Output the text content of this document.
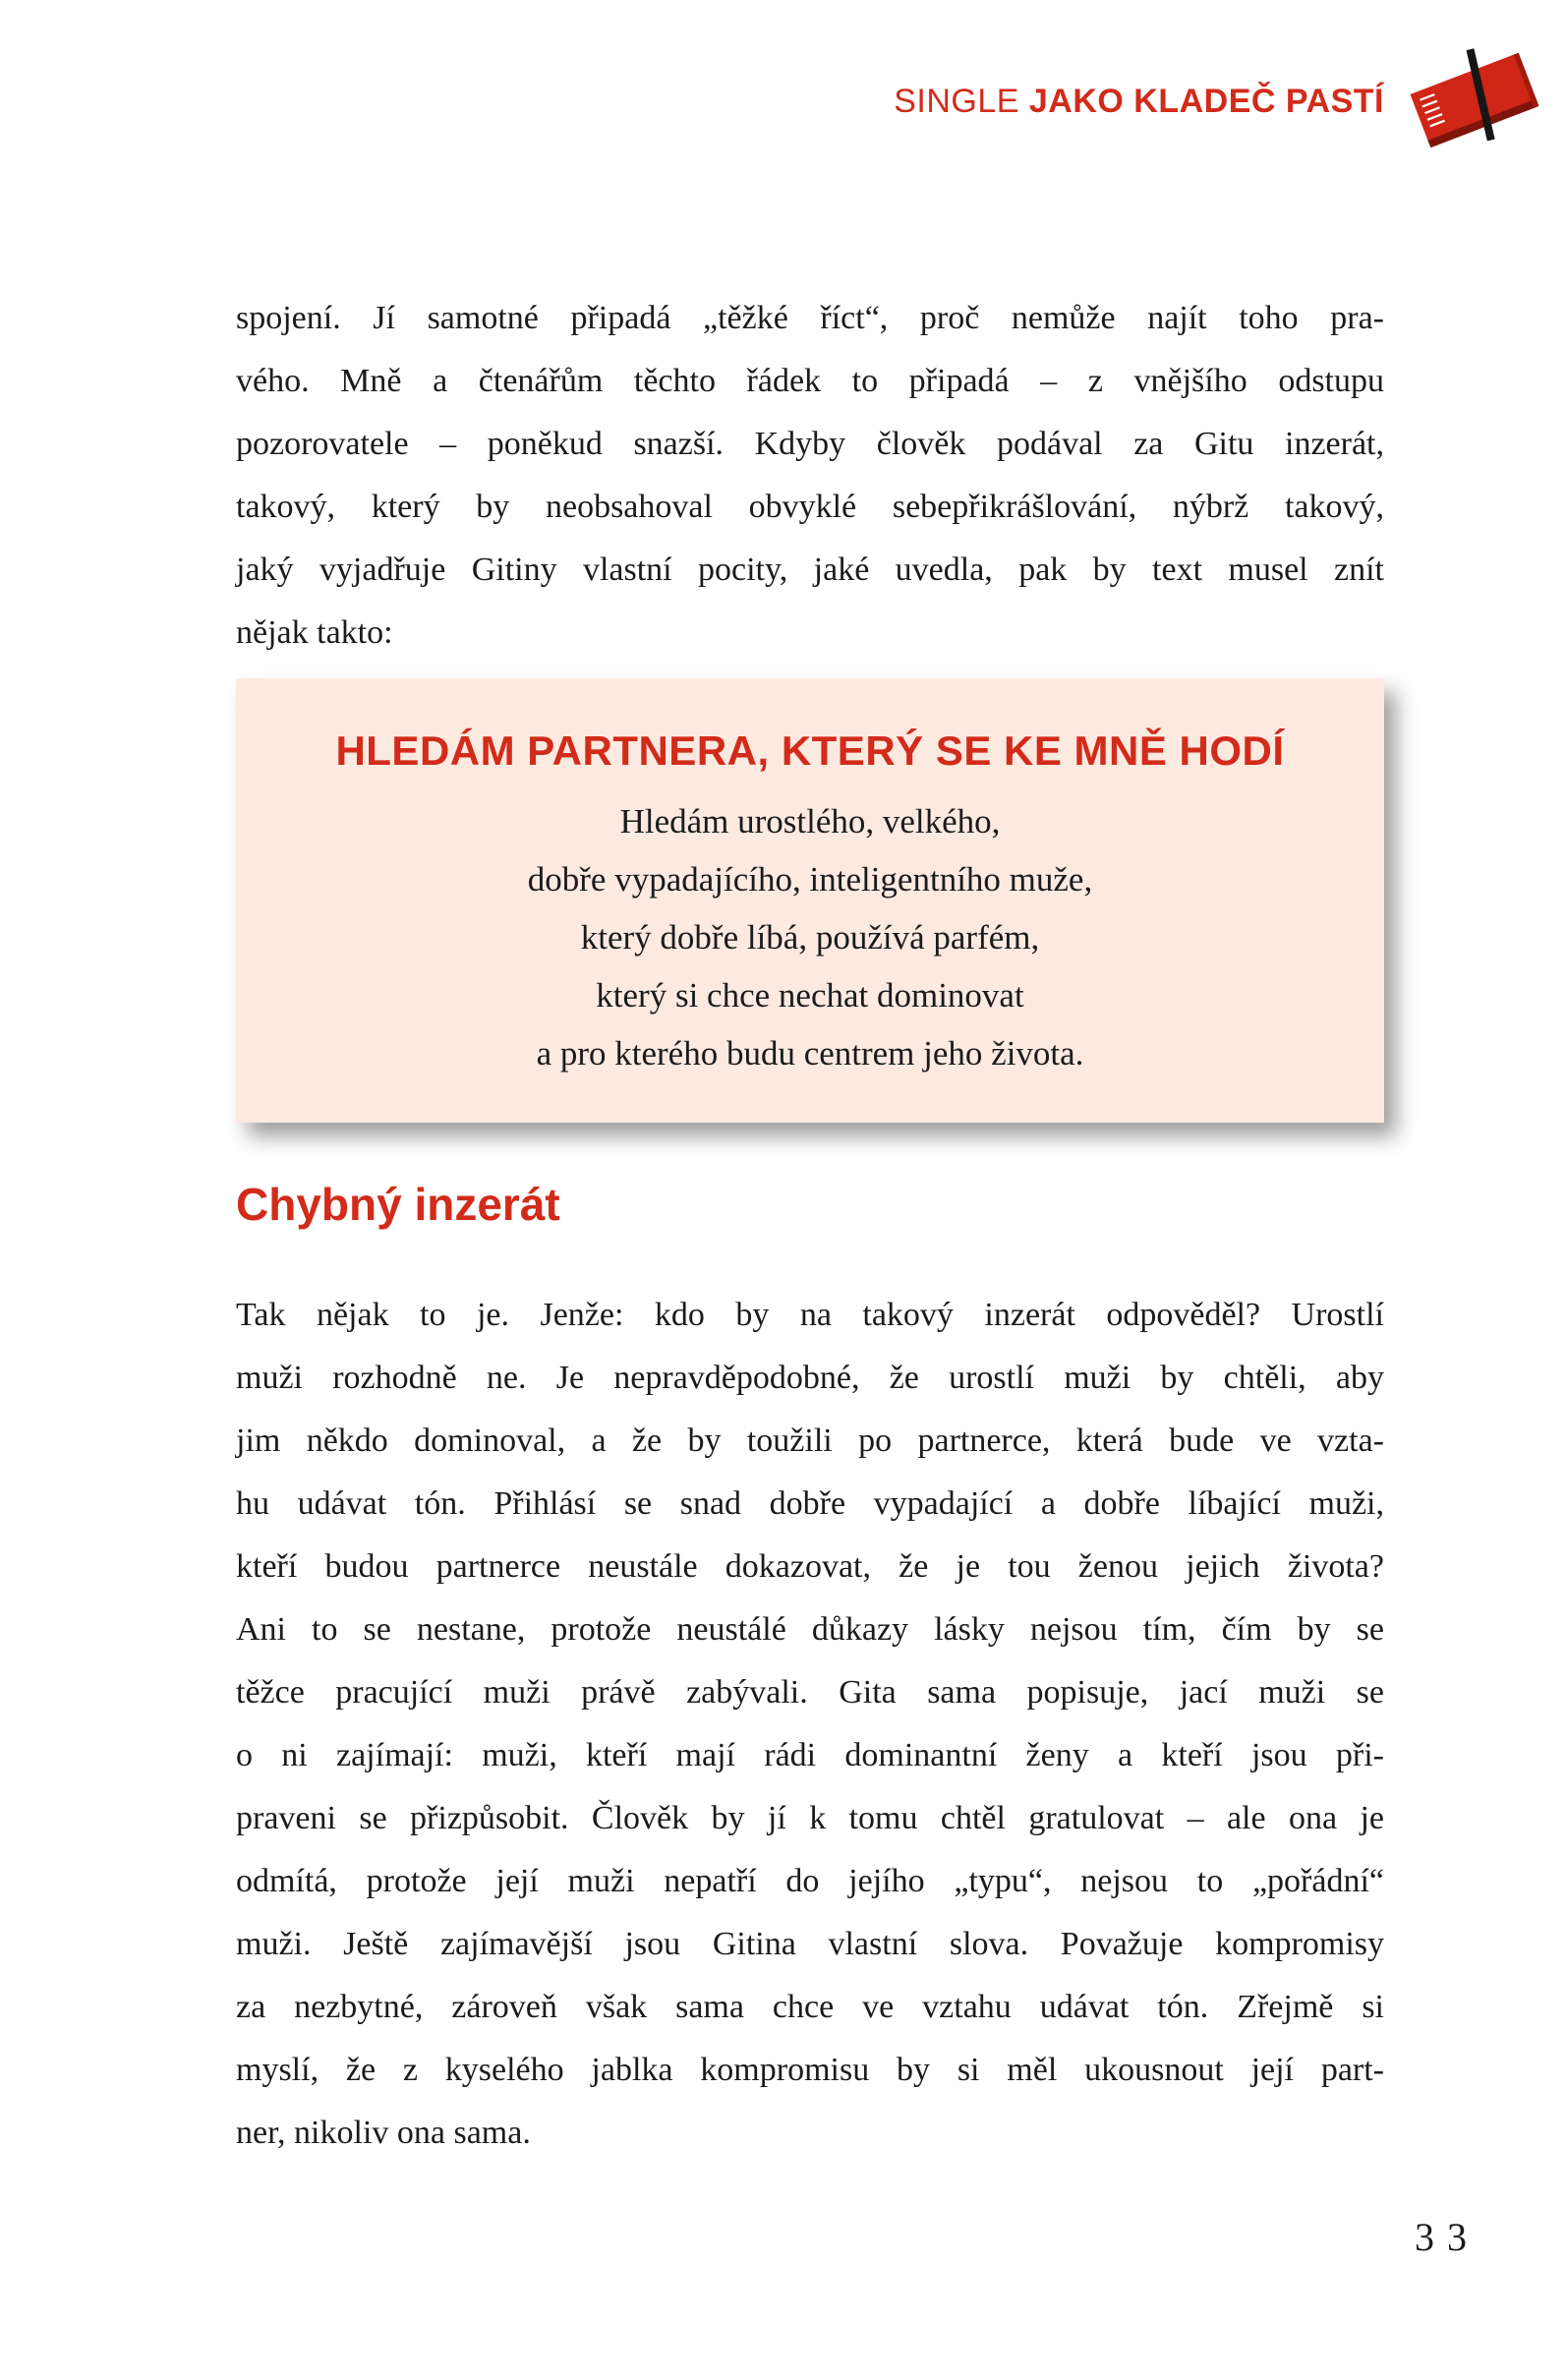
SINGLE JAKO KLADEČ PASTÍ
spojení. Jí samotné připadá „těžké říct“, proč nemůže najít toho pra-
vého. Mně a čtenářům těchto řádek to připadá – z vnějšího odstupu
pozorovatele – poněkud snazší. Kdyby člověk podával za Gitu inzerát,
takový, který by neobsahoval obvyklé sebepřikrášlování, nýbrž takový,
jaký vyjadřuje Gitiny vlastní pocity, jaké uvedla, pak by text musel znít
nějak takto:
HLEDÁM PARTNERA, KTERÝ SE KE MNĚ HODÍ
Hledám urostlého, velkého,
dobře vypadajícího, inteligentního muže,
který dobře líbá, používá parfém,
který si chce nechat dominovat
a pro kterého budu centrem jeho života.
Chybný inzerát
Tak nějak to je. Jenže: kdo by na takový inzerát odpověděl? Urostlí
muži rozhodně ne. Je nepravděpodobné, že urostlí muži by chtěli, aby
jim někdo dominoval, a že by toužili po partnerce, která bude ve vzta-
hu udávat tón. Přihlásí se snad dobře vypadající a dobře líbající muži,
kteří budou partnerce neustále dokazovat, že je tou ženou jejich života?
Ani to se nestane, protože neustálé důkazy lásky nejsou tím, čím by se
těžce pracující muži právě zabývali. Gita sama popisuje, jací muži se
o ni zajímají: muži, kteří mají rádi dominantní ženy a kteří jsou při-
praveni se přizpůsobit. Člověk by jí k tomu chtěl gratulovat – ale ona je
odmítá, protože její muži nepatří do jejího „typu“, nejsou to „pořádní“
muži. Ještě zajímavější jsou Gitina vlastní slova. Považuje kompromisy
za nezbytné, zároveň však sama chce ve vztahu udávat tón. Zřejmě si
myslí, že z kyselého jablka kompromisu by si měl ukousnout její part-
ner, nikoliv ona sama.
33
